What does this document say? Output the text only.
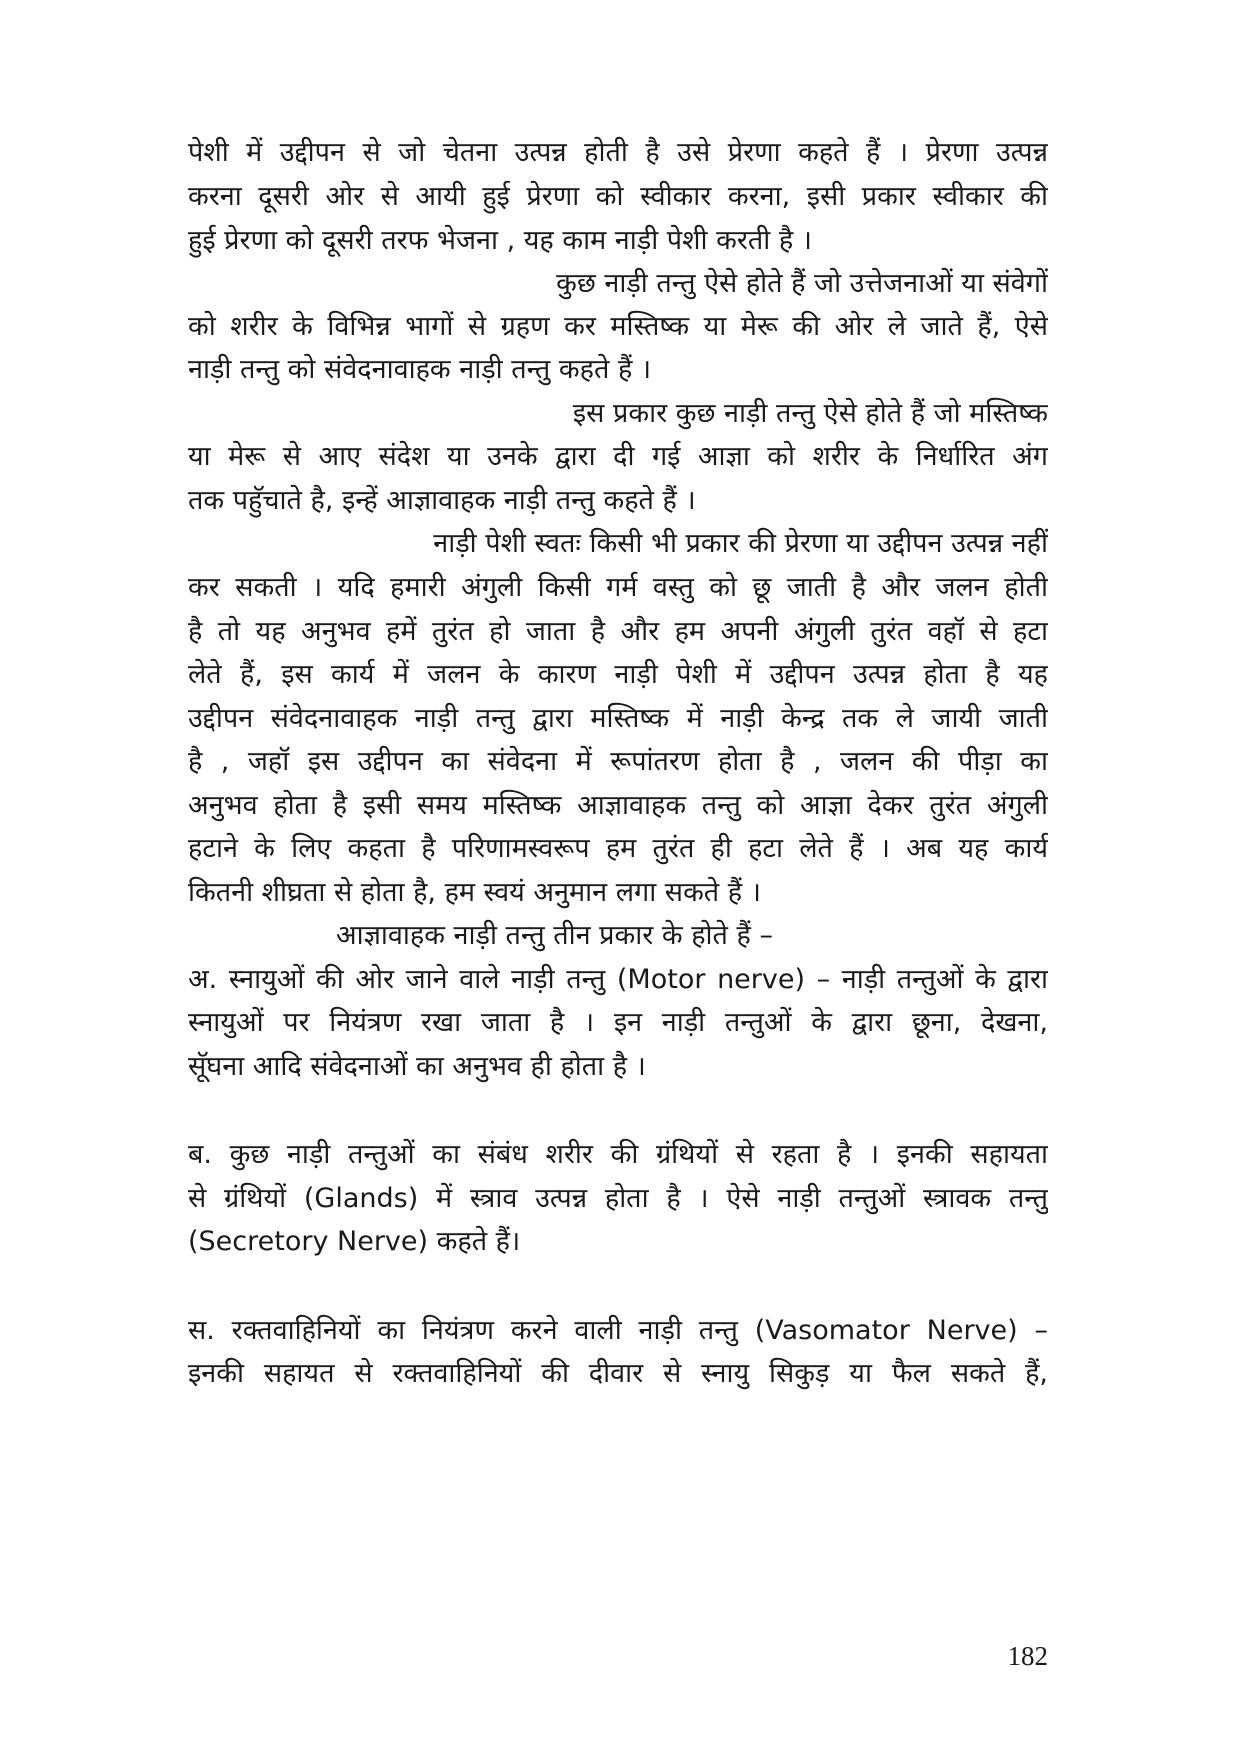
पेशी में उद्दीपन से जो चेतना उत्पन्न होती है उसे प्रेरणा कहते हैं । प्रेरणा उत्पन्न
करना दूसरी ओर से आयी हुई प्रेरणा को स्वीकार करना, इसी प्रकार स्वीकार की
हुई प्रेरणा को दूसरी तरफ भेजना , यह काम नाड़ी पेशी करती है ।
कुछ नाड़ी तन्तु ऐसे होते हैं जो उत्तेजनाओं या संवेगों
को शरीर के विभिन्न भागों से ग्रहण कर मस्तिष्क या मेरू की ओर ले जाते हैं, ऐसे
नाड़ी तन्तु को संवेदनावाहक नाड़ी तन्तु कहते हैं ।
इस प्रकार कुछ नाड़ी तन्तु ऐसे होते हैं जो मस्तिष्क
या मेरू से आए संदेश या उनके द्वारा दी गई आज्ञा को शरीर के निर्धारित अंग
तक पहुॅचाते है, इन्हें आज्ञावाहक नाड़ी तन्तु कहते हैं ।
नाड़ी पेशी स्वतः किसी भी प्रकार की प्रेरणा या उद्दीपन उत्पन्न नहीं
कर सकती । यदि हमारी अंगुली किसी गर्म वस्तु को छू जाती है और जलन होती
है तो यह अनुभव हमें तुरंत हो जाता है और हम अपनी अंगुली तुरंत वहॉ से हटा
लेते हैं, इस कार्य में जलन के कारण नाड़ी पेशी में उद्दीपन उत्पन्न होता है यह
उद्दीपन संवेदनावाहक नाड़ी तन्तु द्वारा मस्तिष्क में नाड़ी केन्द्र तक ले जायी जाती
है , जहॉ इस उद्दीपन का संवेदना में रूपांतरण होता है , जलन की पीड़ा का
अनुभव होता है इसी समय मस्तिष्क आज्ञावाहक तन्तु को आज्ञा देकर तुरंत अंगुली
हटाने के लिए कहता है परिणामस्वरूप हम तुरंत ही हटा लेते हैं । अब यह कार्य
कितनी शीघ्रता से होता है, हम स्वयं अनुमान लगा सकते हैं ।
आज्ञावाहक नाड़ी तन्तु तीन प्रकार के होते हैं –
अ. स्नायुओं की ओर जाने वाले नाड़ी तन्तु (Motor nerve) – नाड़ी तन्तुओं के द्वारा
स्नायुओं पर नियंत्रण रखा जाता है । इन नाड़ी तन्तुओं के द्वारा छूना, देखना,
सूॅघना आदि संवेदनाओं का अनुभव ही होता है ।
ब. कुछ नाड़ी तन्तुओं का संबंध शरीर की ग्रंथियों से रहता है । इनकी सहायता
से ग्रंथियों (Glands) में स्त्राव उत्पन्न होता है । ऐसे नाड़ी तन्तुओं स्त्रावक तन्तु
(Secretory Nerve) कहते हैं।
स. रक्तवाहिनियों का नियंत्रण करने वाली नाड़ी तन्तु (Vasomator Nerve) –
इनकी सहायत से रक्तवाहिनियों की दीवार से स्नायु सिकुड़ या फैल सकते हैं,
182
